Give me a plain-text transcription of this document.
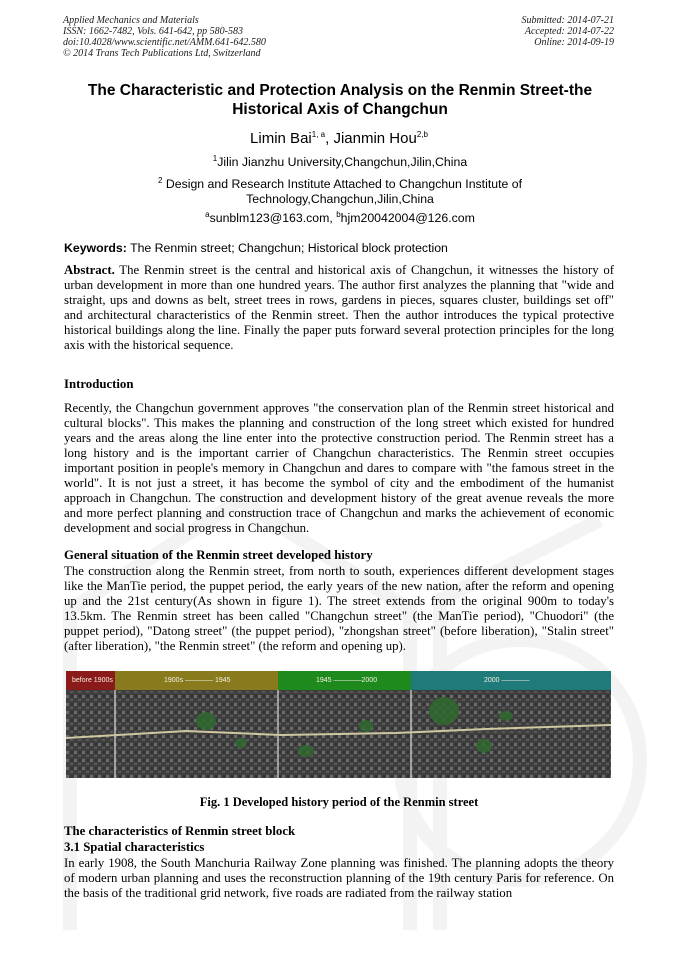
Applied Mechanics and Materials
ISSN: 1662-7482, Vols. 641-642, pp 580-583
doi:10.4028/www.scientific.net/AMM.641-642.580
© 2014 Trans Tech Publications Ltd, Switzerland
Submitted: 2014-07-21
Accepted: 2014-07-22
Online: 2014-09-19
The Characteristic and Protection Analysis on the Renmin Street-the
Historical Axis of Changchun
Limin Bai$^{1, a}$, Jianmin Hou$^{2,b}$
$^1$Jilin Jianzhu University,Changchun,Jilin,China
$^2$ Design and Research Institute Attached to Changchun Institute of
Technology,Changchun,Jilin,China
$^a$sunblm123@163.com, $^b$hjm20042004@126.com
Keywords: The Renmin street; Changchun; Historical block protection

Abstract. The Renmin street is the central and historical axis of Changchun, it witnesses the history of urban development in more than one hundred years. The author first analyzes the planning that "wide and straight, ups and downs as belt, street trees in rows, gardens in pieces, squares cluster, buildings set off" and architectural characteristics of the Renmin street. Then the author introduces the typical protective historical buildings along the line. Finally the paper puts forward several protection principles for the long axis with the historical sequence.

Introduction

Recently, the Changchun government approves "the conservation plan of the Renmin street historical and cultural blocks". This makes the planning and construction of the long street which existed for hundred years and the areas along the line enter into the protective construction period. The Renmin street has a long history and is the important carrier of Changchun characteristics. The Renmin street occupies important position in people's memory in Changchun and dares to compare with "the famous street in the world". It is not just a street, it has become the symbol of city and the embodiment of the humanist approach in Changchun. The construction and development history of the great avenue reveals the more and more perfect planning and construction trace of Changchun and marks the achievement of economic development and social progress in Changchun.

General situation of the Renmin street developed history

The construction along the Renmin street, from north to south, experiences different development stages like the ManTie period, the puppet period, the early years of the new nation, after the reform and opening up and the 21st century(As shown in figure 1). The street extends from the original 900m to today's 13.5km. The Renmin street has been called "Changchun street" (the ManTie period), "Chuodori" (the puppet period), "Datong street" (the puppet period), "zhongshan street" (before liberation), "Stalin street" (after liberation), "the Renmin street" (the reform and opening up).

before 1900s	1900s ———— 1945	1945 ————2000	2000 ————
Fig. 1 Developed history period of the Renmin street
The characteristics of Renmin street block
3.1 Spatial characteristics

In early 1908, the South Manchuria Railway Zone planning was finished. The planning adopts the theory of modern urban planning and uses the reconstruction planning of the 19th century Paris for reference. On the basis of the traditional grid network, five roads are radiated from the railway station
